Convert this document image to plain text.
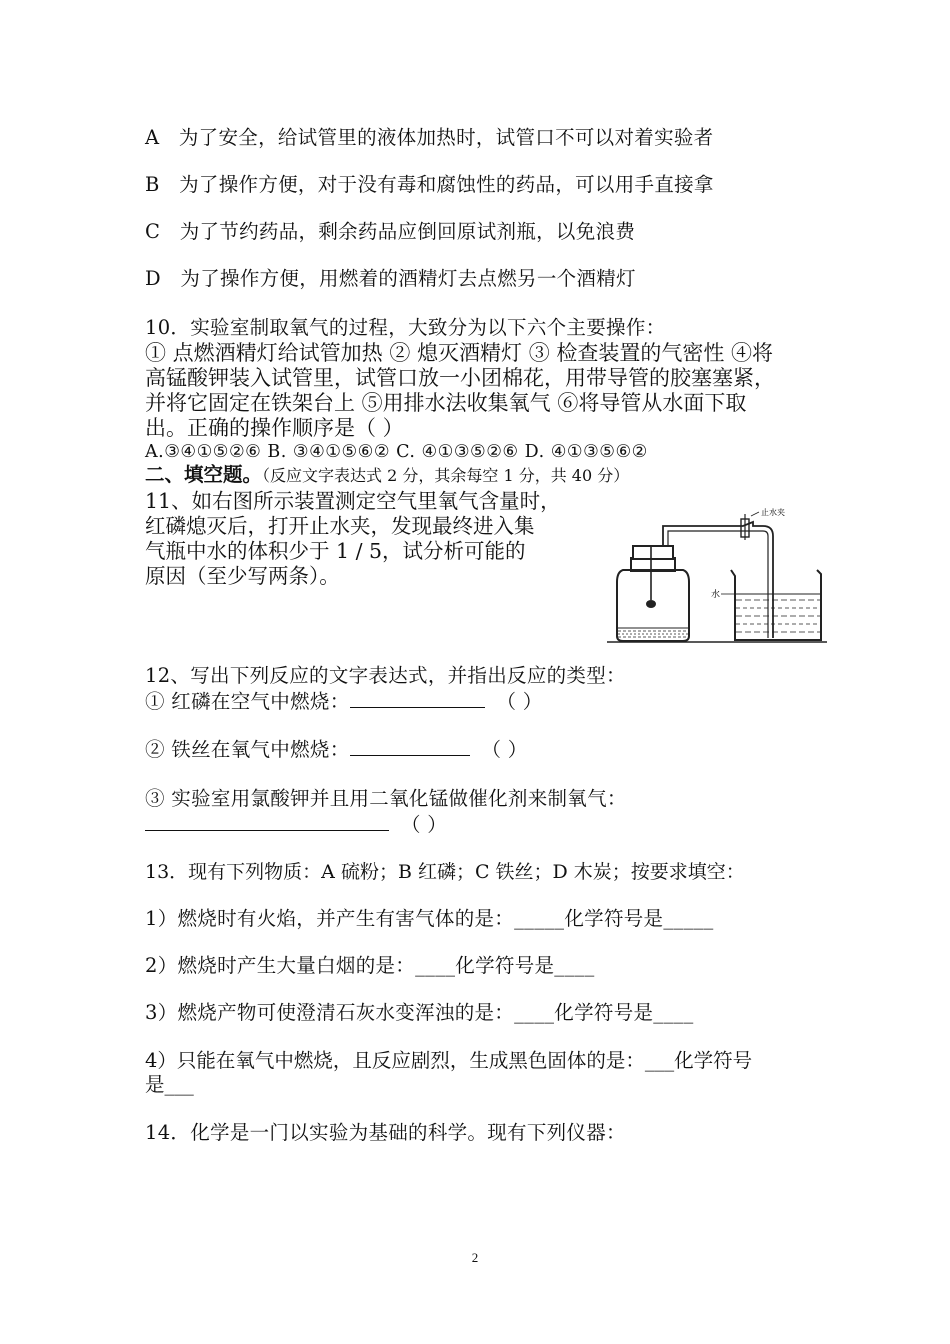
A   为了安全，给试管里的液体加热时，试管口不可以对着实验者
B   为了操作方便，对于没有毒和腐蚀性的药品，可以用手直接拿
C   为了节约药品，剩余药品应倒回原试剂瓶，以免浪费
D   为了操作方便，用燃着的酒精灯去点燃另一个酒精灯
10．实验室制取氧气的过程，大致分为以下六个主要操作：
① 点燃酒精灯给试管加热 ② 熄灭酒精灯 ③ 检查装置的气密性 ④将
高锰酸钾装入试管里，试管口放一小团棉花，用带导管的胶塞塞紧，
并将它固定在铁架台上 ⑤用排水法收集氧气 ⑥将导管从水面下取
出。正确的操作顺序是（ ）
A.③④①⑤②⑥ B. ③④①⑤⑥② C. ④①③⑤②⑥ D. ④①③⑤⑥②
二、填空题。（反应文字表达式 2 分，其余每空 1 分，共 40 分）
11、如右图所示装置测定空气里氧气含量时，
红磷熄灭后，打开止水夹，发现最终进入集
气瓶中水的体积少于 1 / 5，试分析可能的
原因（至少写两条）。
止水夹
水
12、写出下列反应的文字表达式，并指出反应的类型：
① 红磷在空气中燃烧：	（ ）
② 铁丝在氧气中燃烧：	（ ）
③ 实验室用氯酸钾并且用二氧化锰做催化剂来制氧气：
（ ）
13．现有下列物质：A 硫粉；B 红磷；C 铁丝；D 木炭；按要求填空：
1）燃烧时有火焰，并产生有害气体的是：_____化学符号是_____
2）燃烧时产生大量白烟的是：____化学符号是____
3）燃烧产物可使澄清石灰水变浑浊的是：____化学符号是____
4）只能在氧气中燃烧，且反应剧烈，生成黑色固体的是：___化学符号
是___
14．化学是一门以实验为基础的科学。现有下列仪器：
2
